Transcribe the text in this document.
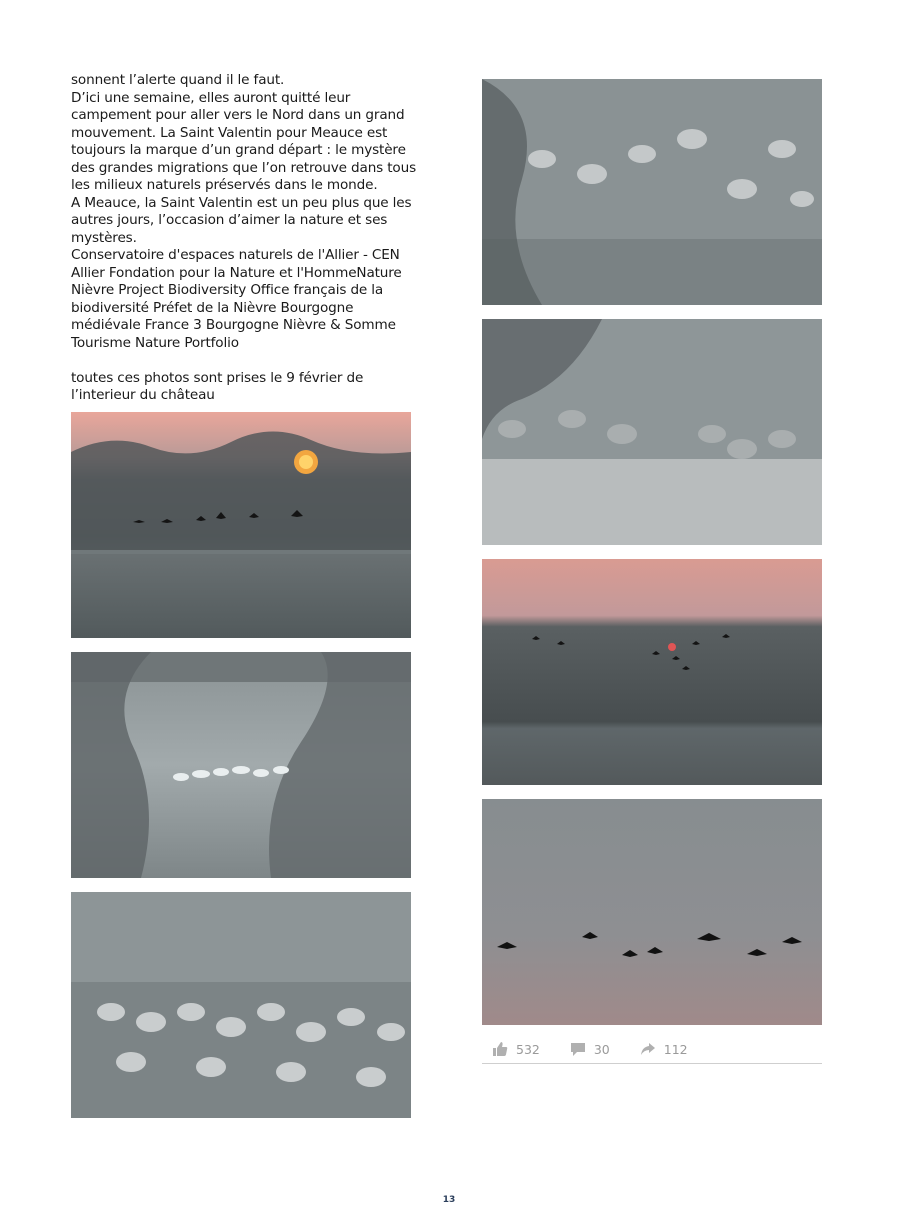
sonnent l’alerte quand il le faut.

D’ici une semaine, elles auront quitté leur campement pour aller vers le Nord dans un grand mouvement. La Saint Valentin pour Meauce est toujours la marque d’un grand départ : le mystère des grandes migrations que l’on retrouve dans tous les milieux naturels préservés dans le monde.

A Meauce, la Saint Valentin est un peu plus que les autres jours, l’occasion d’aimer la nature et ses mystères.

Conservatoire d'espaces naturels de l'Allier - CEN Allier Fondation pour la Nature et l'HommeNature Nièvre Project Biodiversity Office français de la biodiversité Préfet de la Nièvre Bourgogne médiévale France 3 Bourgogne Nièvre & Somme Tourisme Nature Portfolio

toutes ces photos sont prises le 9 février de l’interieur du château

532	30	112
13
